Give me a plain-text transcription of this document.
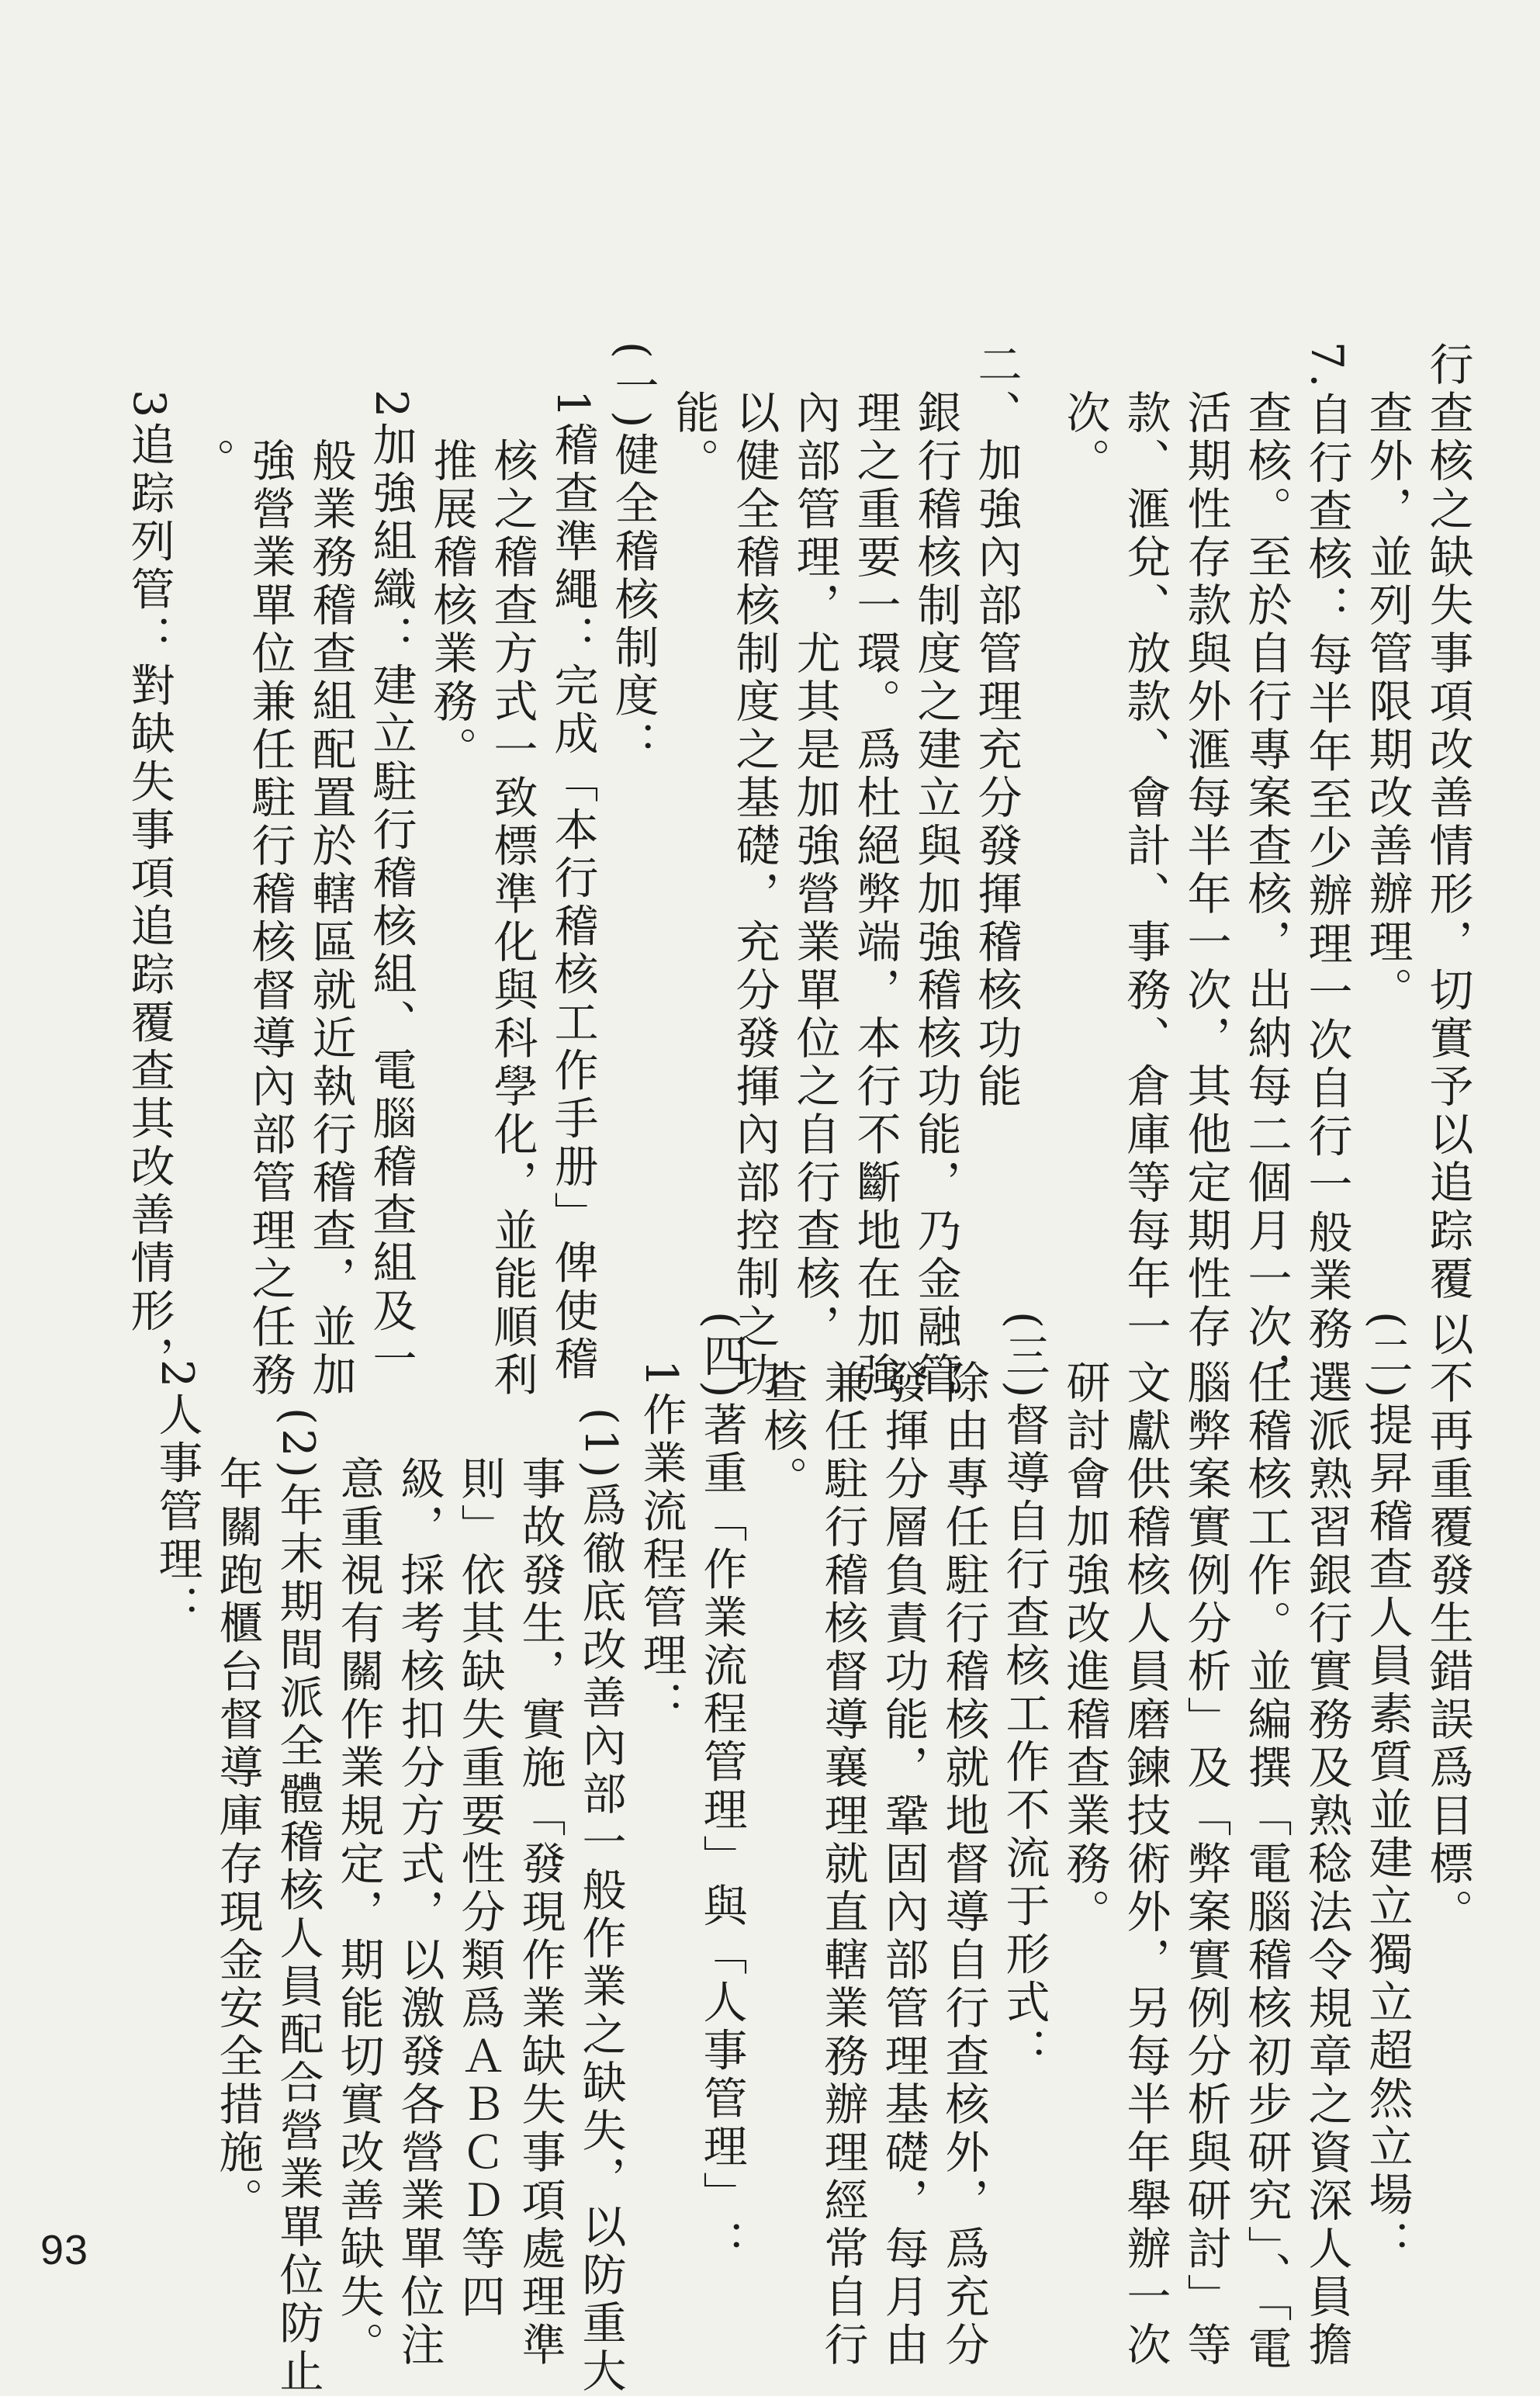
行查核之缺失事項改善情形，切實予以追踪覆
　查外，並列管限期改善辦理。
7.自行查核：每半年至少辦理一次自行一般業務
　查核。至於自行專案查核，出納每二個月一次，
　活期性存款與外滙每半年一次，其他定期性存
　款、滙兌、放款、會計、事務、倉庫等每年一
　次。
二、加強內部管理充分發揮稽核功能
　銀行稽核制度之建立與加強稽核功能，乃金融管
　理之重要一環。爲杜絕弊端，本行不斷地在加強
　內部管理，尤其是加強營業單位之自行查核，
　以健全稽核制度之基礎，充分發揮內部控制之功
　能。
(一)健全稽核制度：
　1稽查準繩：完成「本行稽核工作手册」俾使稽
　　核之稽查方式一致標準化與科學化，並能順利
　　推展稽核業務。
　2加強組織：建立駐行稽核組、電腦稽查組及一
　　般業務稽查組配置於轄區就近執行稽查，並加
　　強營業單位兼任駐行稽核督導內部管理之任務
　　。
　3追踪列管：對缺失事項追踪覆查其改善情形，
以不再重覆發生錯誤爲目標。
(二)提昇稽查人員素質並建立獨立超然立場：
　選派熟習銀行實務及熟稔法令規章之資深人員擔
　任稽核工作。並編撰「電腦稽核初步研究」、「電
　腦弊案實例分析」及「弊案實例分析與研討」等
　文獻供稽核人員磨鍊技術外，另每半年舉辦一次
　研討會加強改進稽查業務。
(三)督導自行查核工作不流于形式：
　除由專任駐行稽核就地督導自行查核外，爲充分
　發揮分層負責功能，鞏固內部管理基礎，每月由
　兼任駐行稽核督導襄理就直轄業務辦理經常自行
　查核。
(四)著重「作業流程管理」與「人事管理」：
　1作業流程管理：
　　(1)爲徹底改善內部一般作業之缺失，以防重大
　　　事故發生，實施「發現作業缺失事項處理準
　　　則」依其缺失重要性分類爲ＡＢＣＤ等四
　　　級，採考核扣分方式，以激發各營業單位注
　　　意重視有關作業規定，期能切實改善缺失。
　　(2)年末期間派全體稽核人員配合營業單位防止
　　　年關跑櫃台督導庫存現金安全措施。
　2人事管理：
93
